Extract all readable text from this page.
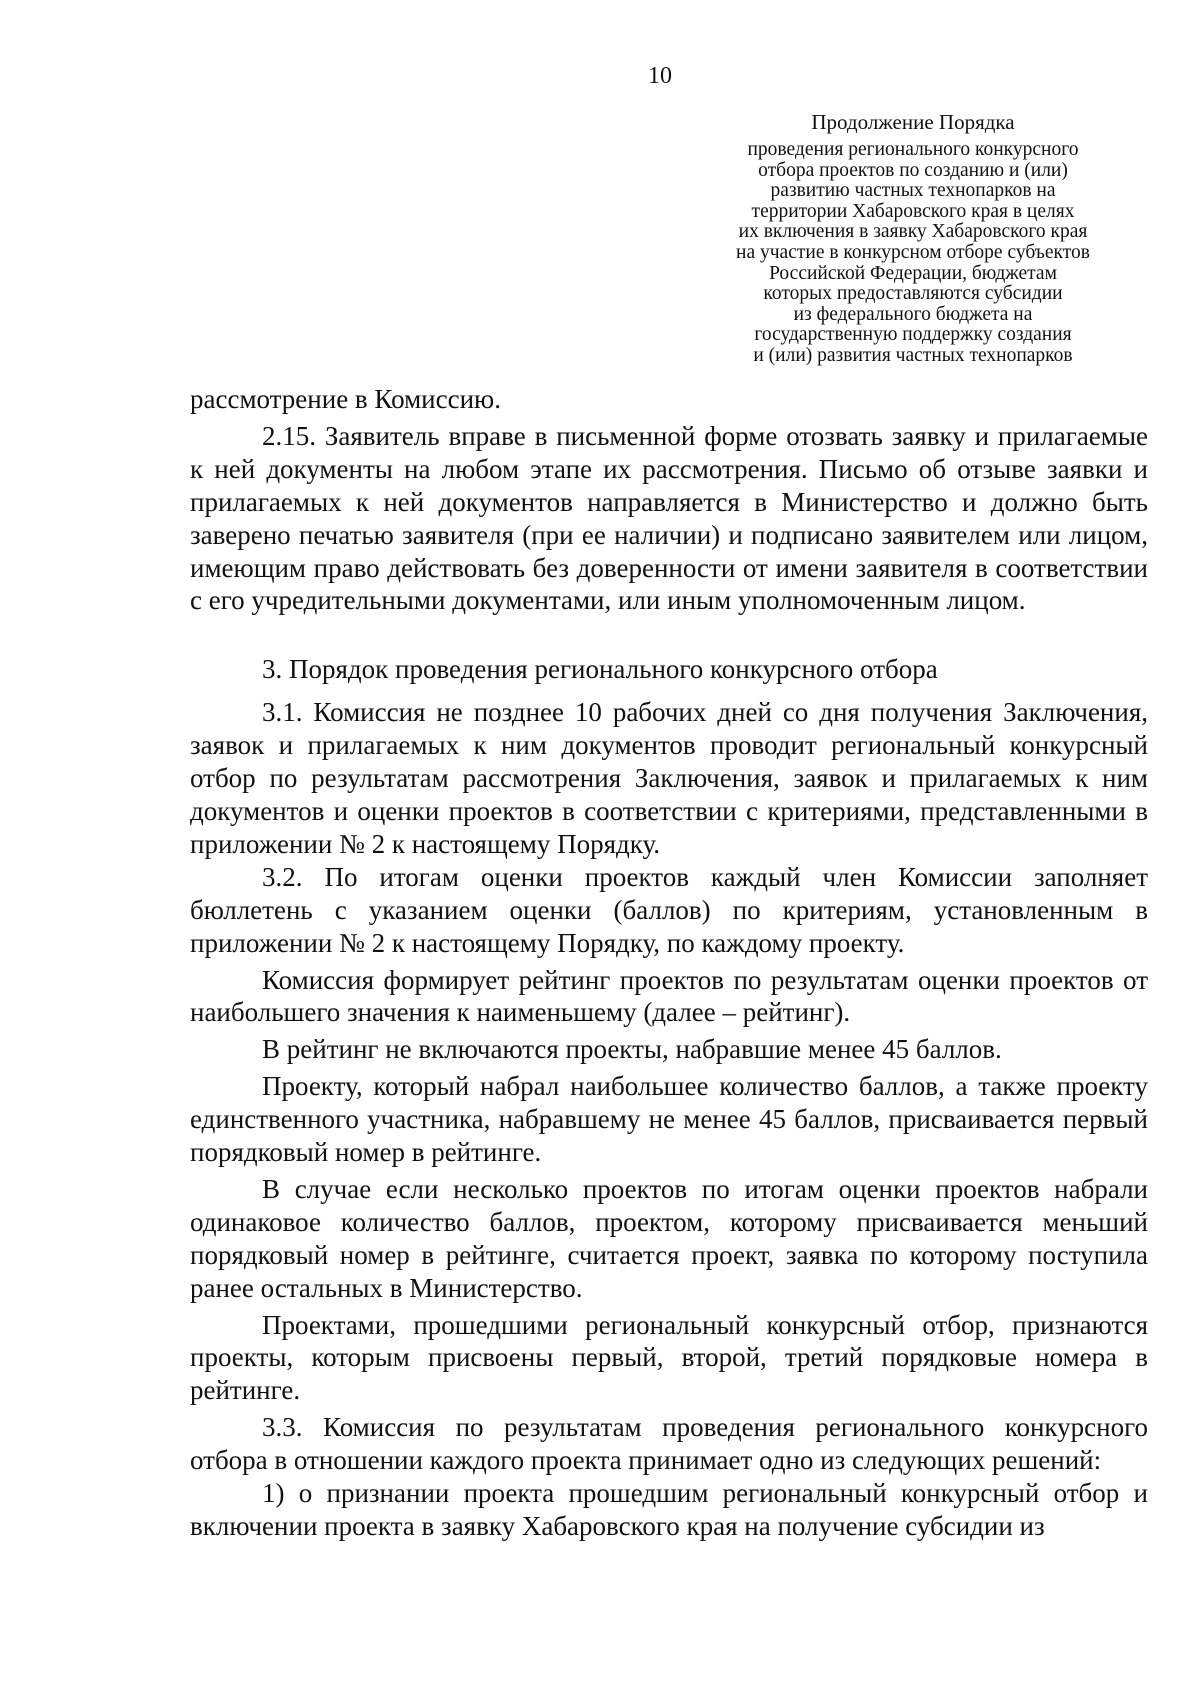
10
Продолжение Порядка
проведения регионального конкурсного
отбора проектов по созданию и (или)
развитию частных технопарков на
территории Хабаровского края в целях
их включения в заявку Хабаровского края
на участие в конкурсном отборе субъектов
Российской Федерации, бюджетам
которых предоставляются субсидии
из федерального бюджета на
государственную поддержку создания
и (или) развития частных технопарков

рассмотрение в Комиссию.

2.15. Заявитель вправе в письменной форме отозвать заявку и прилагаемые к ней документы на любом этапе их рассмотрения. Письмо об отзыве заявки и прилагаемых к ней документов направляется в Министерство и должно быть заверено печатью заявителя (при ее наличии) и подписано заявителем или лицом, имеющим право действовать без доверенности от имени заявителя в соответствии с его учредительными документами, или иным уполномоченным лицом.

3. Порядок проведения регионального конкурсного отбора

3.1. Комиссия не позднее 10 рабочих дней со дня получения Заключения, заявок и прилагаемых к ним документов проводит региональный конкурсный отбор по результатам рассмотрения Заключения, заявок и прилагаемых к ним документов и оценки проектов в соответствии с критериями, представленными в приложении № 2 к настоящему Порядку.

3.2. По итогам оценки проектов каждый член Комиссии заполняет бюллетень с указанием оценки (баллов) по критериям, установленным в приложении № 2 к настоящему Порядку, по каждому проекту.

Комиссия формирует рейтинг проектов по результатам оценки проектов от наибольшего значения к наименьшему (далее – рейтинг).

В рейтинг не включаются проекты, набравшие менее 45 баллов.

Проекту, который набрал наибольшее количество баллов, а также проекту единственного участника, набравшему не менее 45 баллов, присваивается первый порядковый номер в рейтинге.

В случае если несколько проектов по итогам оценки проектов набрали одинаковое количество баллов, проектом, которому присваивается меньший порядковый номер в рейтинге, считается проект, заявка по которому поступила ранее остальных в Министерство.

Проектами, прошедшими региональный конкурсный отбор, признаются проекты, которым присвоены первый, второй, третий порядковые номера в рейтинге.

3.3. Комиссия по результатам проведения регионального конкурсного отбора в отношении каждого проекта принимает одно из следующих решений:

1) о признании проекта прошедшим региональный конкурсный отбор и включении проекта в заявку Хабаровского края на получение субсидии из
